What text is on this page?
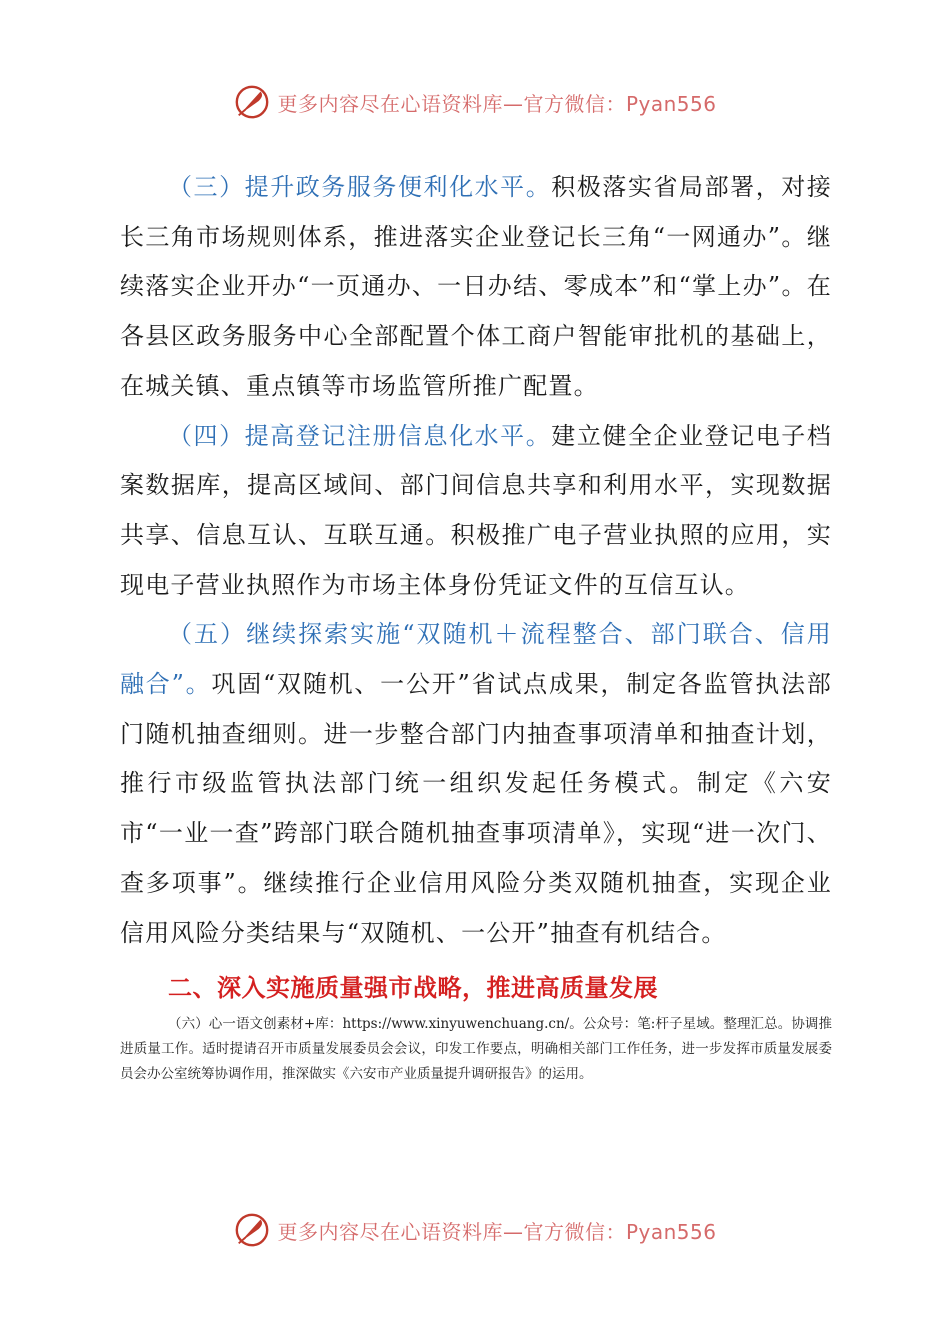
更多内容尽在心语资料库—官方微信：Pyan556

（三）提升政务服务便利化水平。积极落实省局部署，对接长三角市场规则体系，推进落实企业登记长三角“一网通办”。继续落实企业开办“一页通办、一日办结、零成本”和“掌上办”。在各县区政务服务中心全部配置个体工商户智能审批机的基础上，在城关镇、重点镇等市场监管所推广配置。

（四）提高登记注册信息化水平。建立健全企业登记电子档案数据库，提高区域间、部门间信息共享和利用水平，实现数据共享、信息互认、互联互通。积极推广电子营业执照的应用，实现电子营业执照作为市场主体身份凭证文件的互信互认。

（五）继续探索实施“双随机＋流程整合、部门联合、信用融合”。巩固“双随机、一公开”省试点成果，制定各监管执法部门随机抽查细则。进一步整合部门内抽查事项清单和抽查计划，推行市级监管执法部门统一组织发起任务模式。制定《六安市“一业一查”跨部门联合随机抽查事项清单》，实现“进一次门、查多项事”。继续推行企业信用风险分类双随机抽查，实现企业信用风险分类结果与“双随机、一公开”抽查有机结合。

二、深入实施质量强市战略，推进高质量发展

（六）心一语文创素材+库：https://www.xinyuwenchuang.cn/。公众号：笔:杆子星域。整理汇总。协调推进质量工作。适时提请召开市质量发展委员会会议，印发工作要点，明确相关部门工作任务，进一步发挥市质量发展委员会办公室统筹协调作用，推深做实《六安市产业质量提升调研报告》的运用。

更多内容尽在心语资料库—官方微信：Pyan556
